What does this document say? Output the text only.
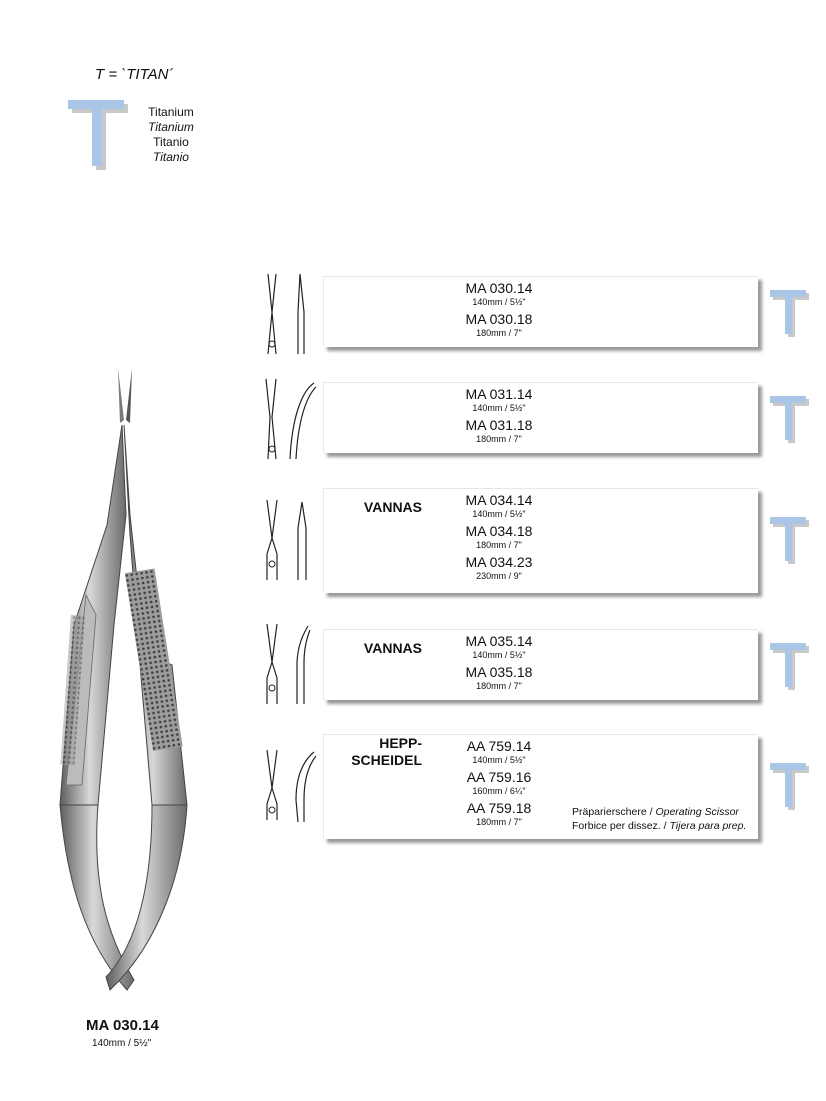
T = `TITAN´
Titanium
Titanium
Titanio
Titanio
MA 030.14
140mm / 5½"
MA 030.14
140mm / 5½"
MA 030.18
180mm / 7"
MA 031.14
140mm / 5½"
MA 031.18
180mm / 7"
VANNAS	MA 034.14
140mm / 5½"
MA 034.18
180mm / 7"
MA 034.23
230mm / 9"
VANNAS	MA 035.14
140mm / 5½"
MA 035.18
180mm / 7"
HEPP-
SCHEIDEL
AA 759.14
140mm / 5½"
AA 759.16
160mm / 6¼"
AA 759.18
180mm / 7"
Präparierschere / Operating Scissor
Forbice per dissez. / Tijera para prep.
